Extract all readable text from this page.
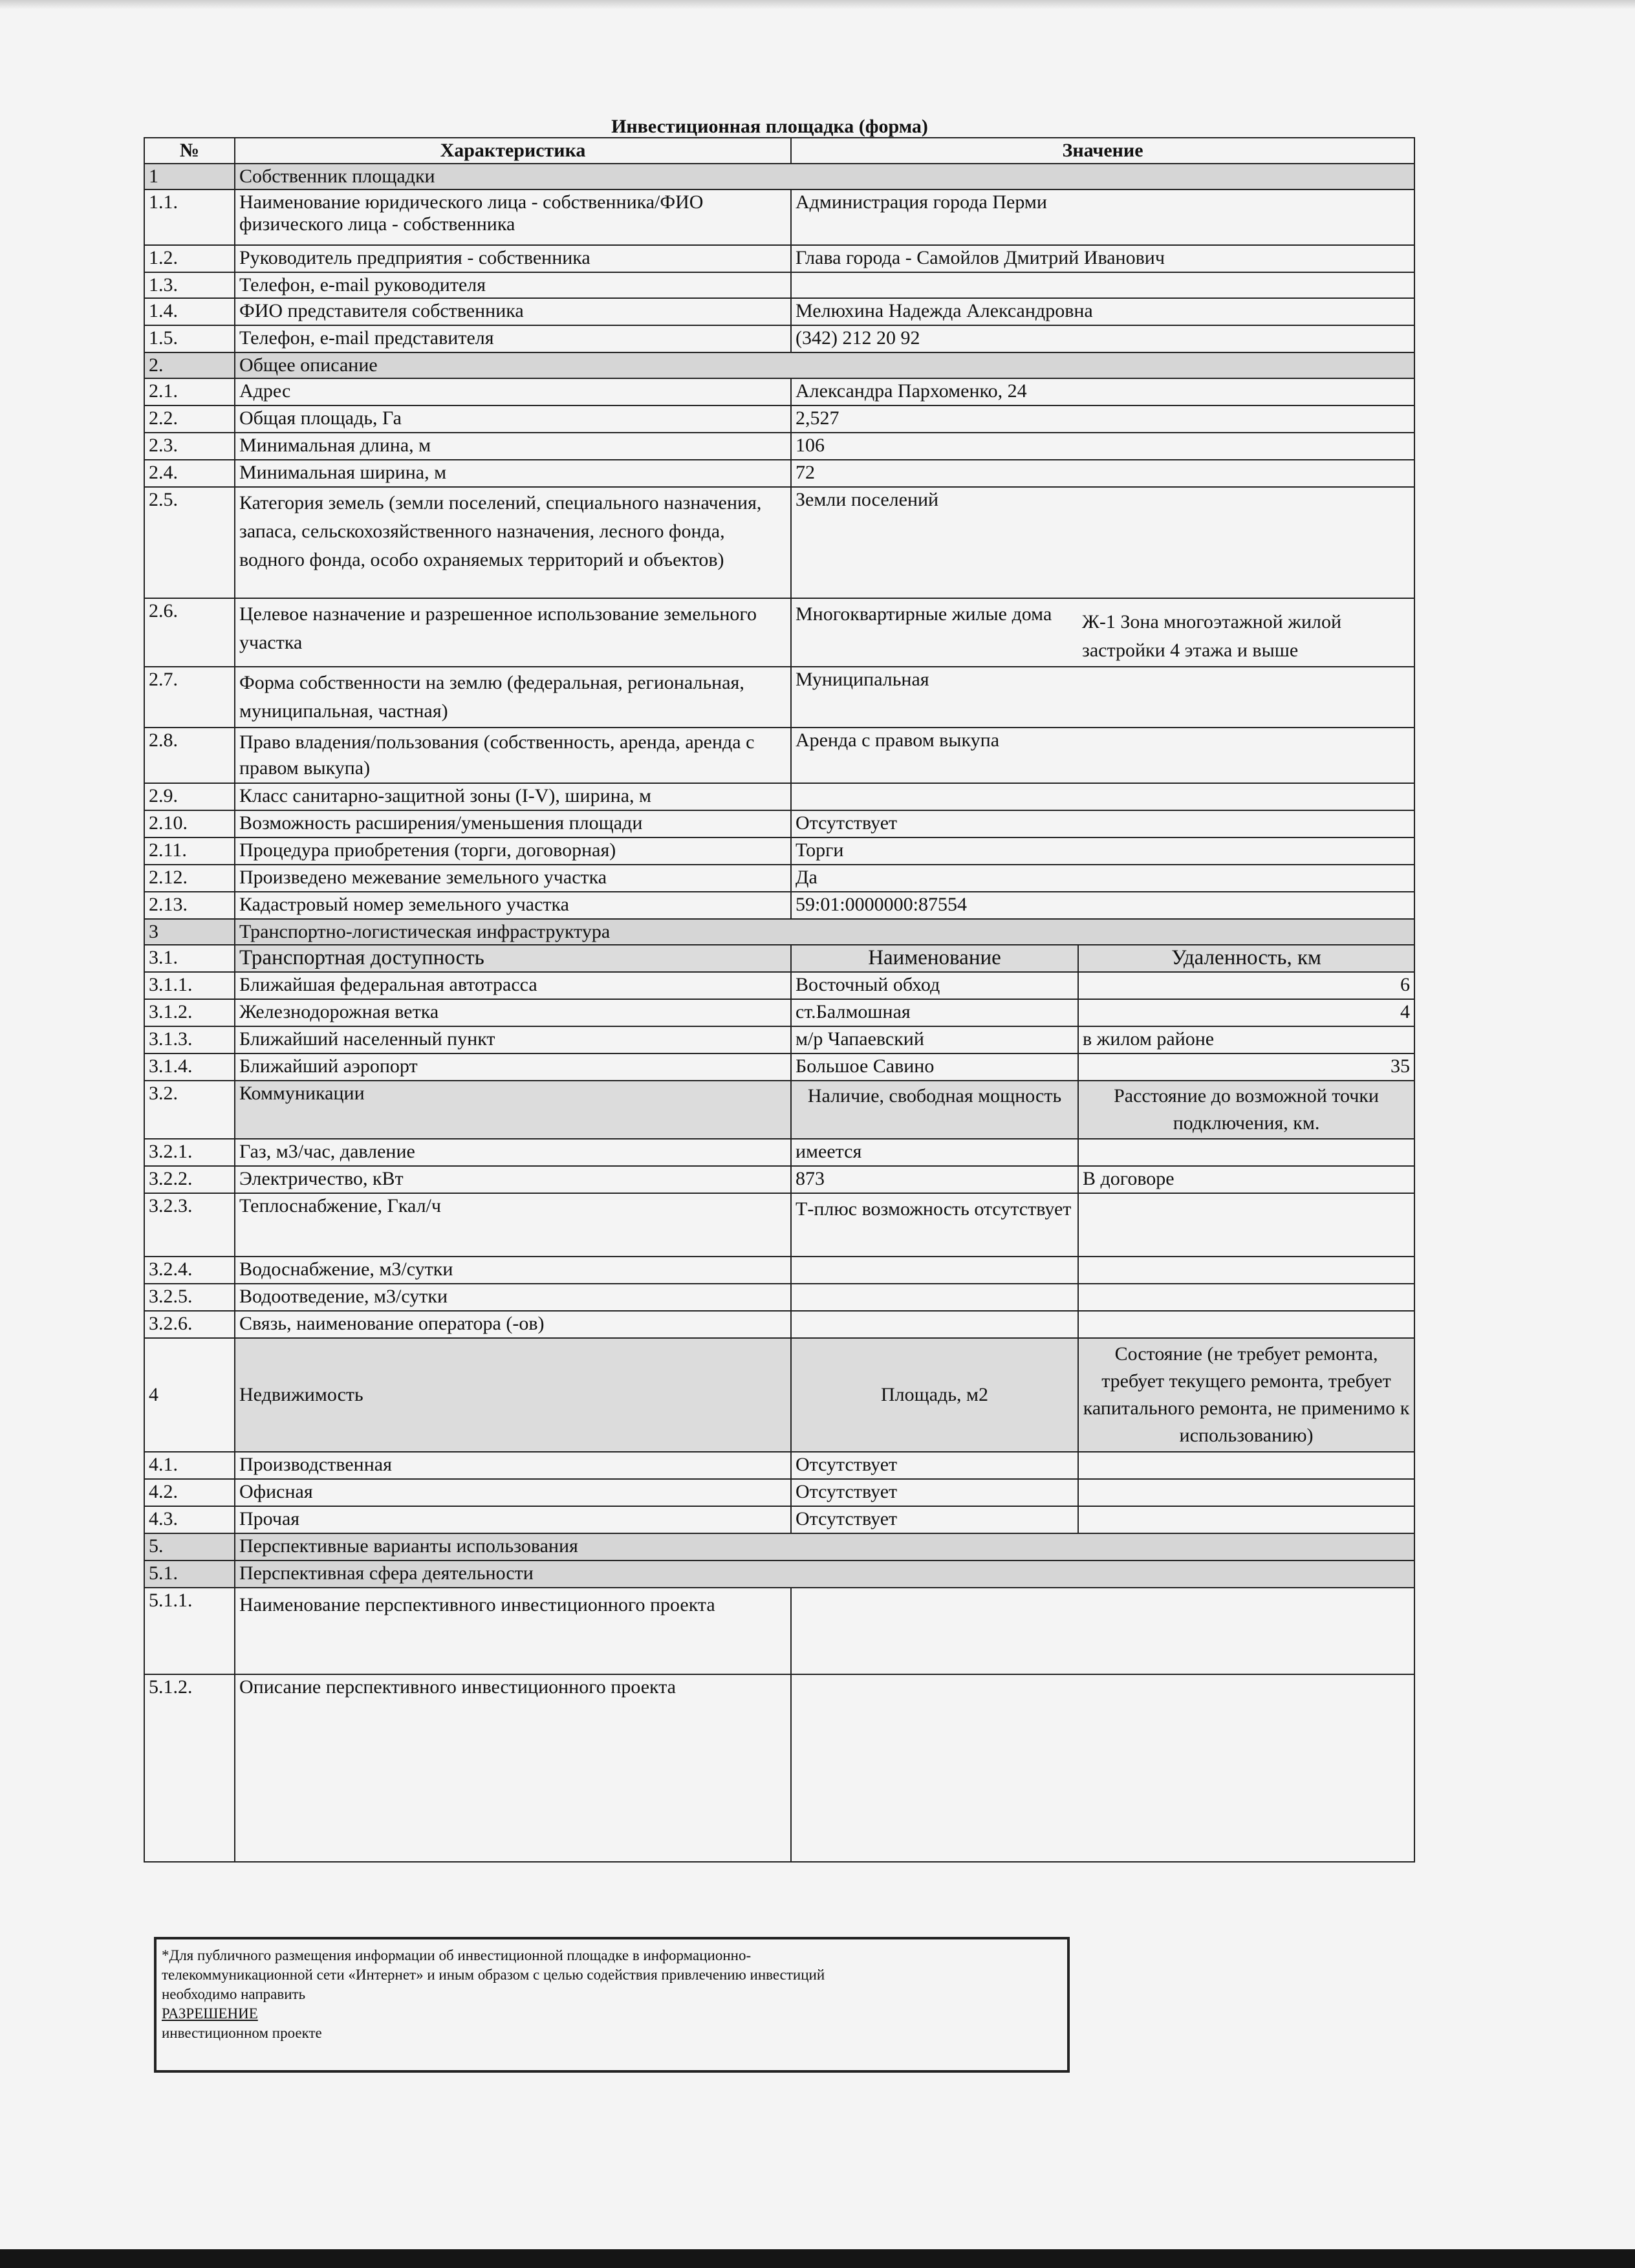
Инвестиционная площадка (форма)
№	Характеристика	Значение	
1	Собственник площадки		
1.1.	Наименование юридического лица - собственника/ФИО физического лица - собственника	Администрация города Перми	
1.2.	Руководитель предприятия - собственника	Глава города - Самойлов Дмитрий Иванович	
1.3.	Телефон, e-mail руководителя		
1.4.	ФИО представителя собственника	Мелюхина Надежда Александровна	
1.5.	Телефон, e-mail представителя	(342) 212 20 92	
2.	Общее описание		
2.1.	Адрес	Александра Пархоменко, 24	
2.2.	Общая площадь, Га	2,527	
2.3.	Минимальная длина, м	106	
2.4.	Минимальная ширина, м	72	
2.5.	Категория земель (земли поселений, специального назначения, запаса, сельскохозяйственного назначения, лесного фонда, водного фонда, особо охраняемых территорий и объектов)	Земли поселений	
2.6.	Целевое назначение и разрешенное использование земельного участка	Многоквартирные жилые дома	Ж-1 Зона многоэтажной жилой застройки 4 этажа и выше
2.7.	Форма собственности на землю (федеральная, региональная, муниципальная, частная)	Муниципальная	
2.8.	Право владения/пользования (собственность, аренда, аренда с правом выкупа)	Аренда с правом выкупа	
2.9.	Класс санитарно-защитной зоны (I-V), ширина, м		
2.10.	Возможность расширения/уменьшения площади	Отсутствует	
2.11.	Процедура приобретения (торги, договорная)	Торги	
2.12.	Произведено межевание земельного участка	Да	
2.13.	Кадастровый номер земельного участка	59:01:0000000:87554	
3	Транспортно-логистическая инфраструктура		
3.1.	Транспортная доступность	Наименование	Удаленность, км
3.1.1.	Ближайшая федеральная автотрасса	Восточный обход	6
3.1.2.	Железнодорожная ветка	ст.Балмошная	4
3.1.3.	Ближайший населенный пункт	м/р Чапаевский	в жилом районе
3.1.4.	Ближайший аэропорт	Большое Савино	35
3.2.	Коммуникации	Наличие, свободная мощность	Расстояние до возможной точки подключения, км.
3.2.1.	Газ, м3/час, давление	имеется	
3.2.2.	Электричество, кВт	873	В договоре
3.2.3.	Теплоснабжение, Гкал/ч	Т-плюс возможность отсутствует	
3.2.4.	Водоснабжение, м3/сутки		
3.2.5.	Водоотведение, м3/сутки		
3.2.6.	Связь, наименование оператора (-ов)		
4	Недвижимость	Площадь, м2	Состояние (не требует ремонта, требует текущего ремонта, требует капитального ремонта, не применимо к использованию)
4.1.	Производственная	Отсутствует	
4.2.	Офисная	Отсутствует	
4.3.	Прочая	Отсутствует	
5.	Перспективные варианты использования		
5.1.	Перспективная сфера деятельности		
5.1.1.	Наименование перспективного инвестиционного проекта		
5.1.2.	Описание перспективного инвестиционного проекта		
*Для публичного размещения информации об инвестиционной площадке в информационно-
телекоммуникационной сети «Интернет» и иным образом с целью содействия привлечению инвестиций
необходимо направить
РАЗРЕШЕНИЕ
инвестиционном проекте
